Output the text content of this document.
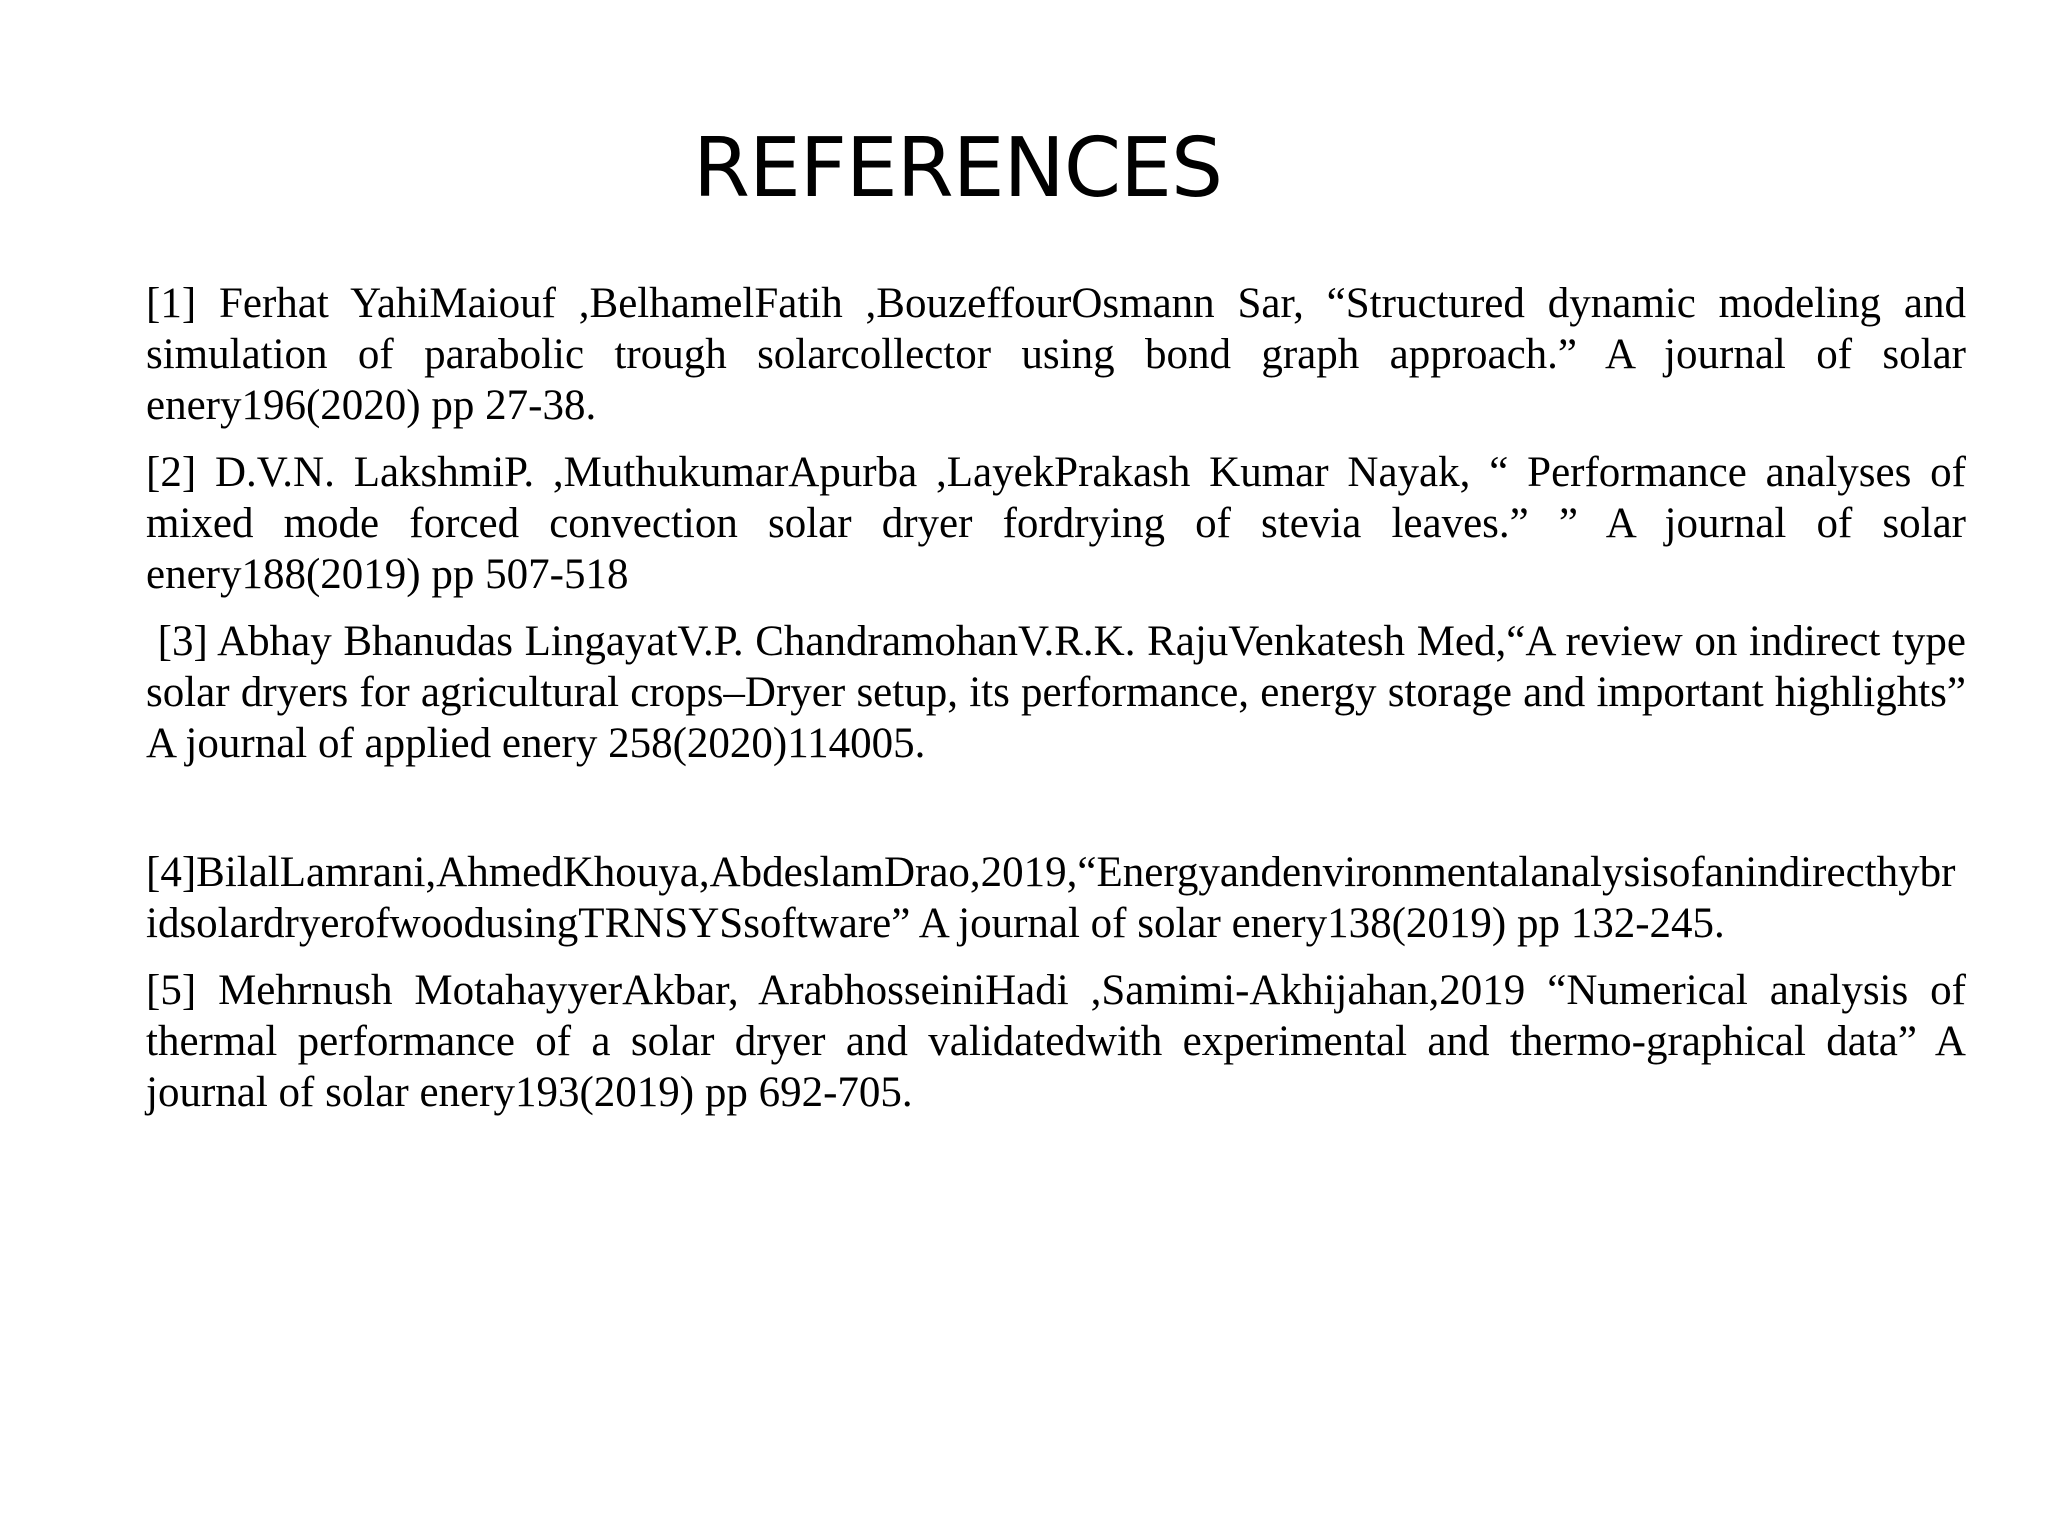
REFERENCES

[1] Ferhat YahiMaiouf ,BelhamelFatih ,BouzeffourOsmann Sar, “Structured dynamic modeling and simulation of parabolic trough solarcollector using bond graph approach.” A journal of solar enery196(2020) pp 27-38.

[2] D.V.N. LakshmiP. ,MuthukumarApurba ,LayekPrakash Kumar Nayak, “ Performance analyses of mixed mode forced convection solar dryer fordrying of stevia leaves.” ” A journal of solar enery188(2019) pp 507-518

[3] Abhay Bhanudas LingayatV.P. ChandramohanV.R.K. RajuVenkatesh Med,“A review on indirect type solar dryers for agricultural crops–Dryer setup, its performance, energy storage and important highlights” A journal of applied enery 258(2020)114005.

[4]BilalLamrani,AhmedKhouya,AbdeslamDrao,2019,“Energyandenvironmentalanalysisofanindirecthybridsolardryerofwoodusing​TRNSYSsoftware” A journal of solar enery138(2019) pp 132-245.

[5] Mehrnush MotahayyerAkbar, ArabhosseiniHadi ,Samimi-Akhijahan,2019 “Numerical analysis of thermal performance of a solar dryer and validatedwith experimental and thermo-graphical data” A journal of solar enery193(2019) pp 692-705.
